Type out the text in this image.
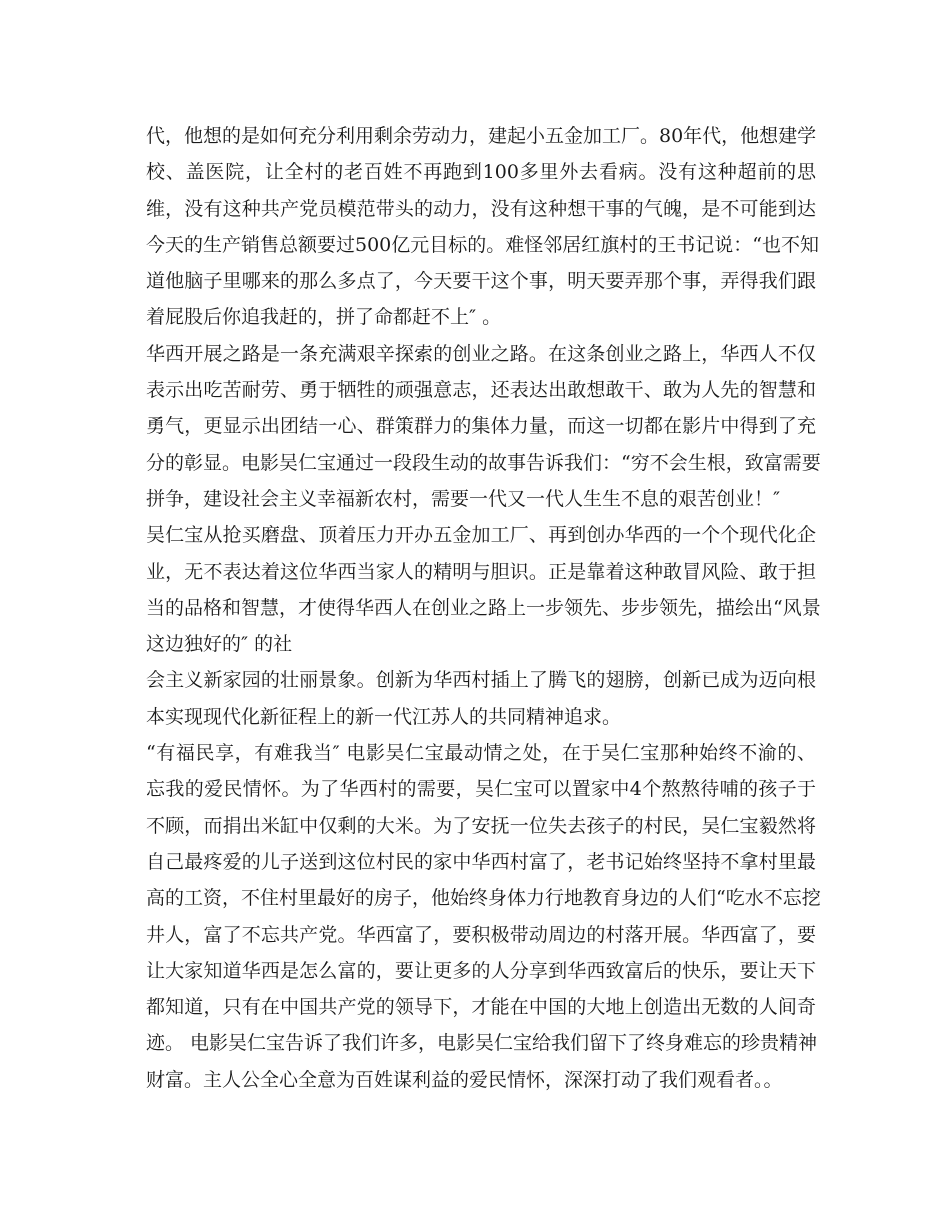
代，他想的是如何充分利用剩余劳动力，建起小五金加工厂。80年代，他想建学
校、盖医院，让全村的老百姓不再跑到100多里外去看病。没有这种超前的思
维，没有这种共产党员模范带头的动力，没有这种想干事的气魄，是不可能到达
今天的生产销售总额要过500亿元目标的。难怪邻居红旗村的王书记说：“也不知
道他脑子里哪来的那么多点了，今天要干这个事，明天要弄那个事，弄得我们跟
着屁股后你追我赶的，拼了命都赶不上″ 。
华西开展之路是一条充满艰辛探索的创业之路。在这条创业之路上，华西人不仅
表示出吃苦耐劳、勇于牺牲的顽强意志，还表达出敢想敢干、敢为人先的智慧和
勇气，更显示出团结一心、群策群力的集体力量，而这一切都在影片中得到了充
分的彰显。电影吴仁宝通过一段段生动的故事告诉我们：“穷不会生根，致富需要
拼争，建设社会主义幸福新农村，需要一代又一代人生生不息的艰苦创业！″
吴仁宝从抢买磨盘、顶着压力开办五金加工厂、再到创办华西的一个个现代化企
业，无不表达着这位华西当家人的精明与胆识。正是靠着这种敢冒风险、敢于担
当的品格和智慧，才使得华西人在创业之路上一步领先、步步领先，描绘出“风景
这边独好的″ 的社
会主义新家园的壮丽景象。创新为华西村插上了腾飞的翅膀，创新已成为迈向根
本实现现代化新征程上的新一代江苏人的共同精神追求。
“有福民享，有难我当″ 电影吴仁宝最动情之处，在于吴仁宝那种始终不渝的、
忘我的爱民情怀。为了华西村的需要，吴仁宝可以置家中4个熬熬待哺的孩子于
不顾，而捐出米缸中仅剩的大米。为了安抚一位失去孩子的村民，吴仁宝毅然将
自己最疼爱的儿子送到这位村民的家中华西村富了，老书记始终坚持不拿村里最
高的工资，不住村里最好的房子，他始终身体力行地教育身边的人们“吃水不忘挖
井人，富了不忘共产党。华西富了，要积极带动周边的村落开展。华西富了，要
让大家知道华西是怎么富的，要让更多的人分享到华西致富后的快乐，要让天下
都知道，只有在中国共产党的领导下，才能在中国的大地上创造出无数的人间奇
迹。 电影吴仁宝告诉了我们许多，电影吴仁宝给我们留下了终身难忘的珍贵精神
财富。主人公全心全意为百姓谋利益的爱民情怀，深深打动了我们观看者。。
